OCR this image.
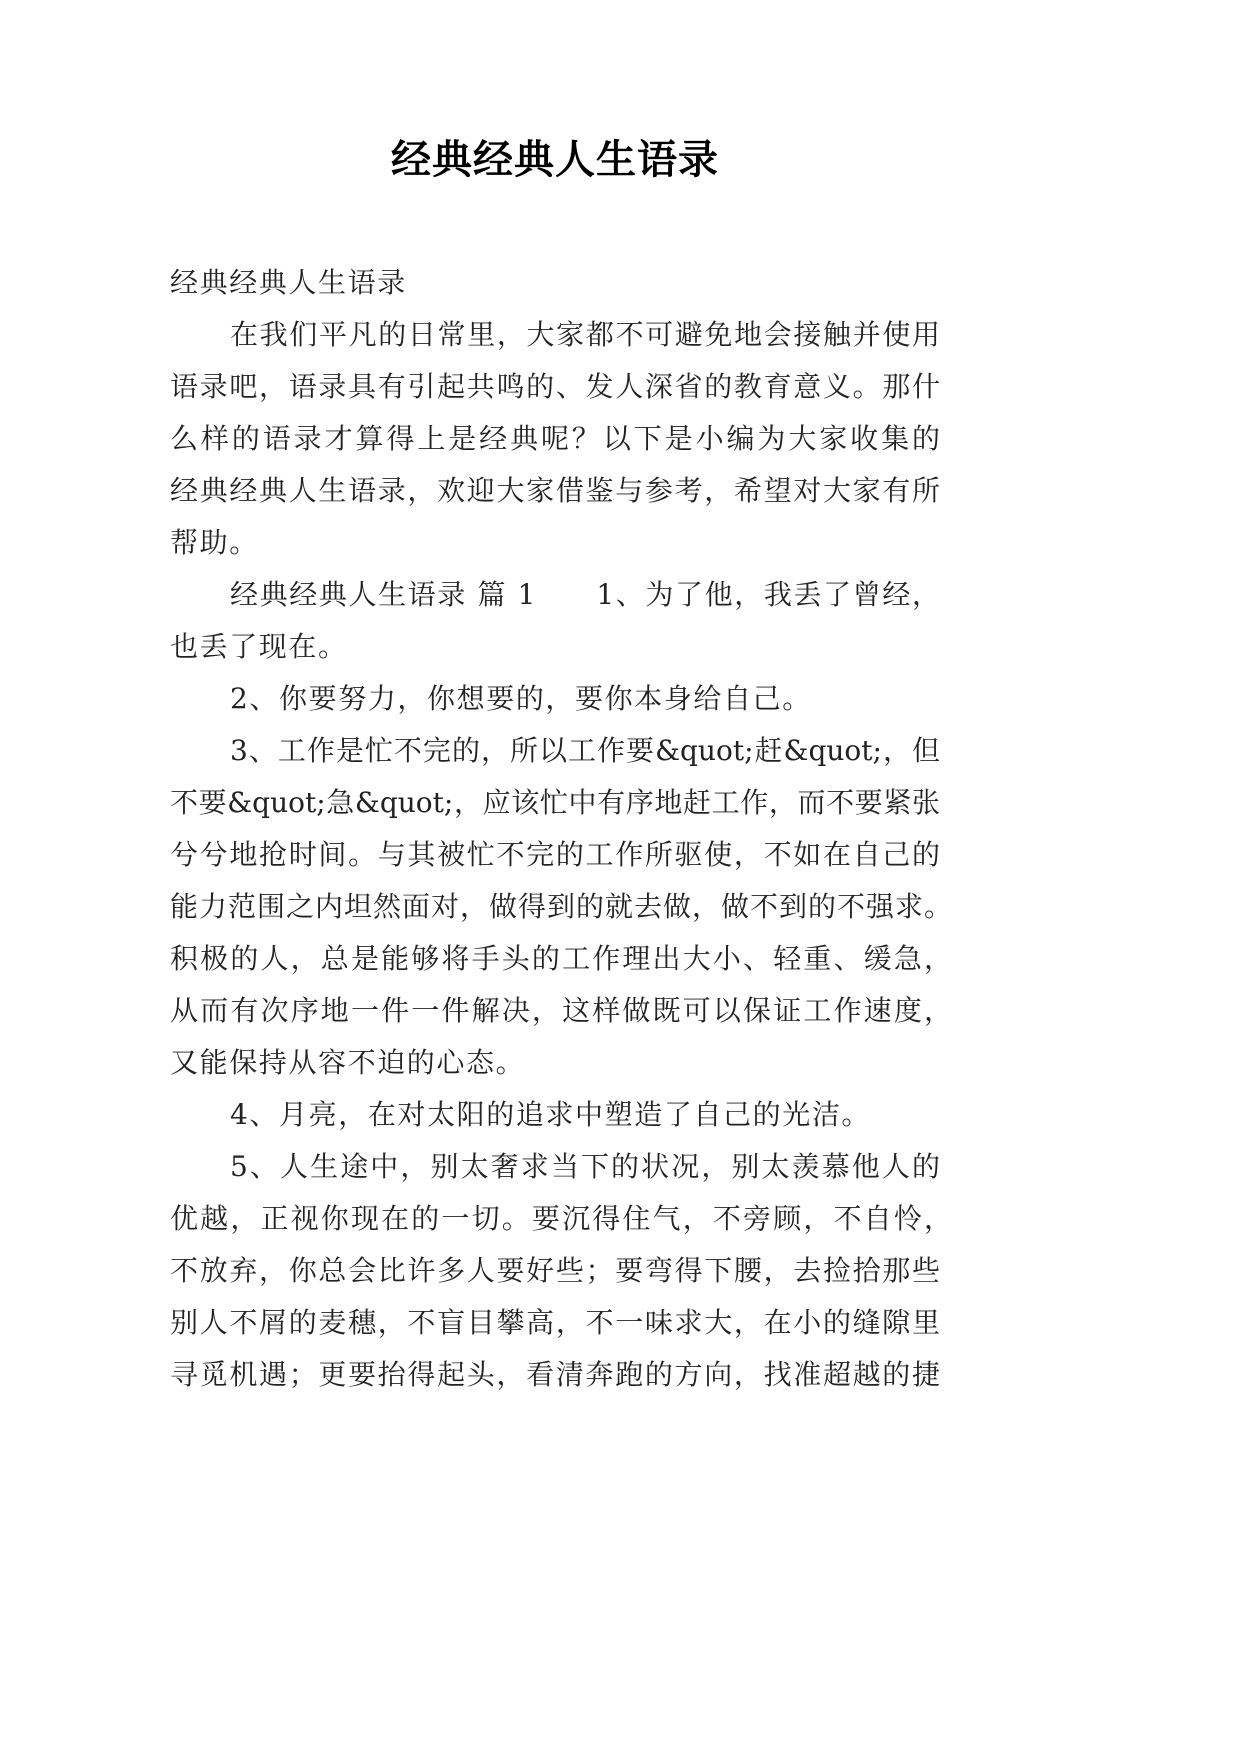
经典经典人生语录
经典经典人生语录
在我们平凡的日常里，大家都不可避免地会接触并使用
语录吧，语录具有引起共鸣的、发人深省的教育意义。那什
么样的语录才算得上是经典呢？以下是小编为大家收集的
经典经典人生语录，欢迎大家借鉴与参考，希望对大家有所
帮助。
经典经典人生语录 篇 1　　1、为了他，我丢了曾经，
也丢了现在。
2、你要努力，你想要的，要你本身给自己。
3、工作是忙不完的，所以工作要&quot;赶&quot;，但
不要&quot;急&quot;，应该忙中有序地赶工作，而不要紧张
兮兮地抢时间。与其被忙不完的工作所驱使，不如在自己的
能力范围之内坦然面对，做得到的就去做，做不到的不强求。
积极的人，总是能够将手头的工作理出大小、轻重、缓急，
从而有次序地一件一件解决，这样做既可以保证工作速度，
又能保持从容不迫的心态。
4、月亮，在对太阳的追求中塑造了自己的光洁。
5、人生途中，别太奢求当下的状况，别太羡慕他人的
优越，正视你现在的一切。要沉得住气，不旁顾，不自怜，
不放弃，你总会比许多人要好些；要弯得下腰，去捡拾那些
别人不屑的麦穗，不盲目攀高，不一味求大，在小的缝隙里
寻觅机遇；更要抬得起头，看清奔跑的方向，找准超越的捷
